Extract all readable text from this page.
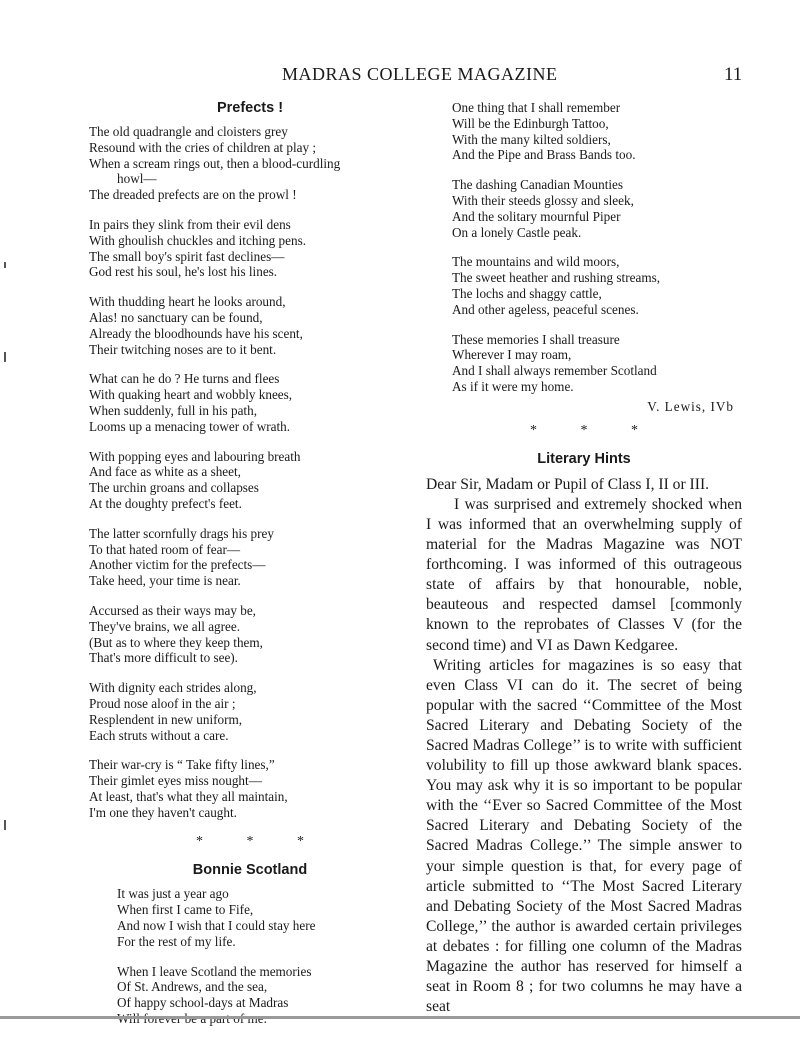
MADRAS COLLEGE MAGAZINE	11
Prefects !
The old quadrangle and cloisters grey
Resound with the cries of children at play ;
When a scream rings out, then a blood-curdling
howl—
The dreaded prefects are on the prowl !
In pairs they slink from their evil dens
With ghoulish chuckles and itching pens.
The small boy's spirit fast declines—
God rest his soul, he's lost his lines.
With thudding heart he looks around,
Alas! no sanctuary can be found,
Already the bloodhounds have his scent,
Their twitching noses are to it bent.
What can he do ? He turns and flees
With quaking heart and wobbly knees,
When suddenly, full in his path,
Looms up a menacing tower of wrath.
With popping eyes and labouring breath
And face as white as a sheet,
The urchin groans and collapses
At the doughty prefect's feet.
The latter scornfully drags his prey
To that hated room of fear—
Another victim for the prefects—
Take heed, your time is near.
Accursed as their ways may be,
They've brains, we all agree.
(But as to where they keep them,
That's more difficult to see).
With dignity each strides along,
Proud nose aloof in the air ;
Resplendent in new uniform,
Each struts without a care.
Their war-cry is “ Take fifty lines,”
Their gimlet eyes miss nought—
At least, that's what they all maintain,
I'm one they haven't caught.
* * *
Bonnie Scotland
It was just a year ago
When first I came to Fife,
And now I wish that I could stay here
For the rest of my life.
When I leave Scotland the memories
Of St. Andrews, and the sea,
Of happy school-days at Madras
One thing that I shall remember
Will be the Edinburgh Tattoo,
With the many kilted soldiers,
And the Pipe and Brass Bands too.
The dashing Canadian Mounties
With their steeds glossy and sleek,
And the solitary mournful Piper
On a lonely Castle peak.
The mountains and wild moors,
The sweet heather and rushing streams,
The lochs and shaggy cattle,
And other ageless, peaceful scenes.
These memories I shall treasure
Wherever I may roam,
And I shall always remember Scotland
As if it were my home.
V. Lewis, IVb
* * *
Literary Hints

Dear Sir, Madam or Pupil of Class I, II or III.

I was surprised and extremely shocked when I was informed that an overwhelming supply of material for the Madras Magazine was NOT forthcoming. I was informed of this outrageous state of affairs by that honourable, noble, beauteous and respected damsel [commonly known to the reprobates of Classes V (for the second time) and VI as Dawn Kedgaree.

Writing articles for magazines is so easy that even Class VI can do it. The secret of being popular with the sacred ‘‘Committee of the Most Sacred Literary and Debating Society of the Sacred Madras College’’ is to write with sufficient volubility to fill up those awkward blank spaces. You may ask why it is so important to be popular with the ‘‘Ever so Sacred Committee of the Most Sacred Literary and Debating Society of the Sacred Madras College.’’ The simple answer to your simple question is that, for every page of article submitted to ‘‘The Most Sacred Literary and Debating Society of the Most Sacred Madras College,’’ the author is awarded certain privileges at debates : for filling one column of the Madras Magazine the author has reserved for himself a seat in Room 8 ; for two columns he may have a seat
